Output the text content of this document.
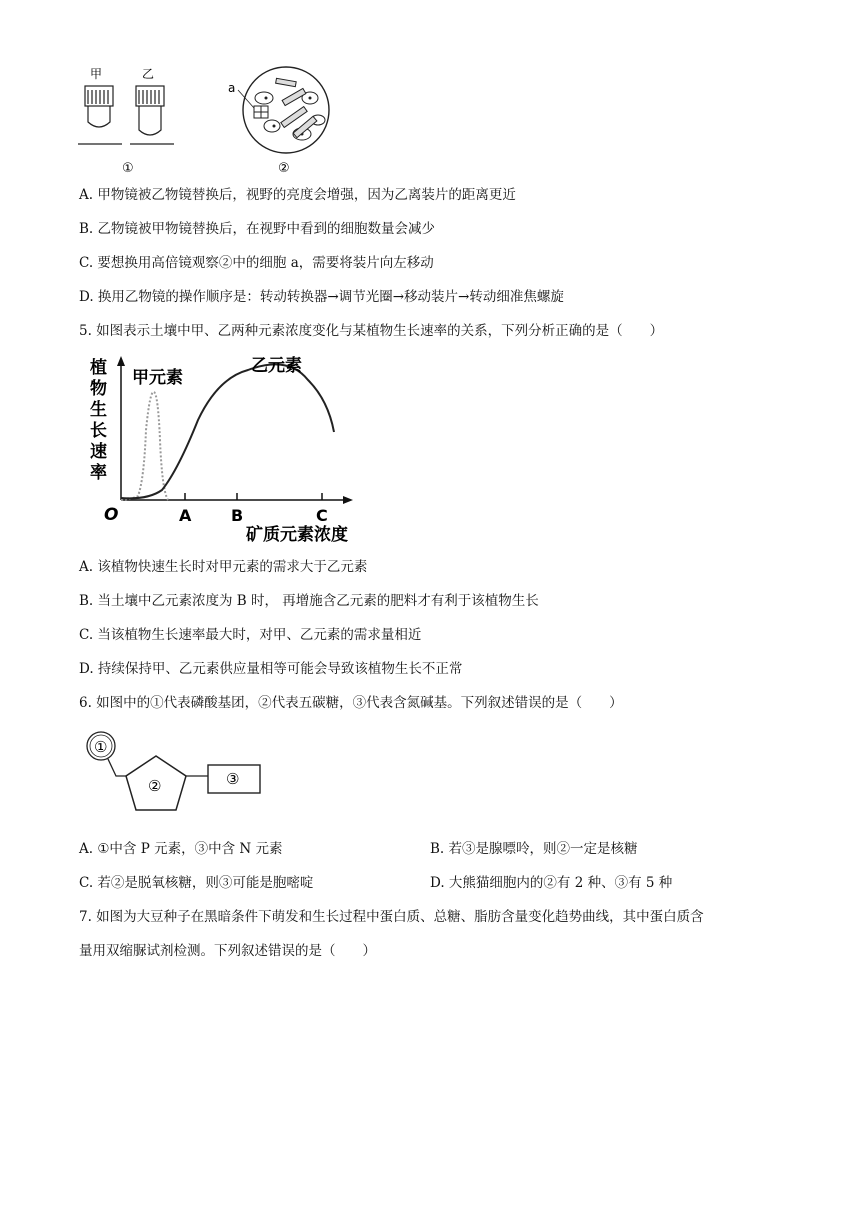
甲	乙
①
a
②
A. 甲物镜被乙物镜替换后，视野的亮度会增强，因为乙离装片的距离更近
B. 乙物镜被甲物镜替换后，在视野中看到的细胞数量会减少
C. 要想换用高倍镜观察②中的细胞 a，需要将装片向左移动
D. 换用乙物镜的操作顺序是：转动转换器→调节光圈→移动装片→转动细准焦螺旋
5. 如图表示土壤中甲、乙两种元素浓度变化与某植物生长速率的关系，下列分析正确的是（　　）
植
物
生
长
速
率
A B	C
O
甲元素
乙元素
矿质元素浓度
A. 该植物快速生长时对甲元素的需求大于乙元素
B. 当土壤中乙元素浓度为 B 时， 再增施含乙元素的肥料才有利于该植物生长
C. 当该植物生长速率最大时，对甲、乙元素的需求量相近
D. 持续保持甲、乙元素供应量相等可能会导致该植物生长不正常
6. 如图中的①代表磷酸基团，②代表五碳糖，③代表含氮碱基。下列叙述错误的是（　　）
①
②	③
A. ①中含 P 元素，③中含 N 元素	B. 若③是腺嘌呤，则②一定是核糖
C. 若②是脱氧核糖，则③可能是胞嘧啶	D. 大熊猫细胞内的②有 2 种、③有 5 种
7. 如图为大豆种子在黑暗条件下萌发和生长过程中蛋白质、总糖、脂肪含量变化趋势曲线，其中蛋白质含
量用双缩脲试剂检测。下列叙述错误的是（　　）
